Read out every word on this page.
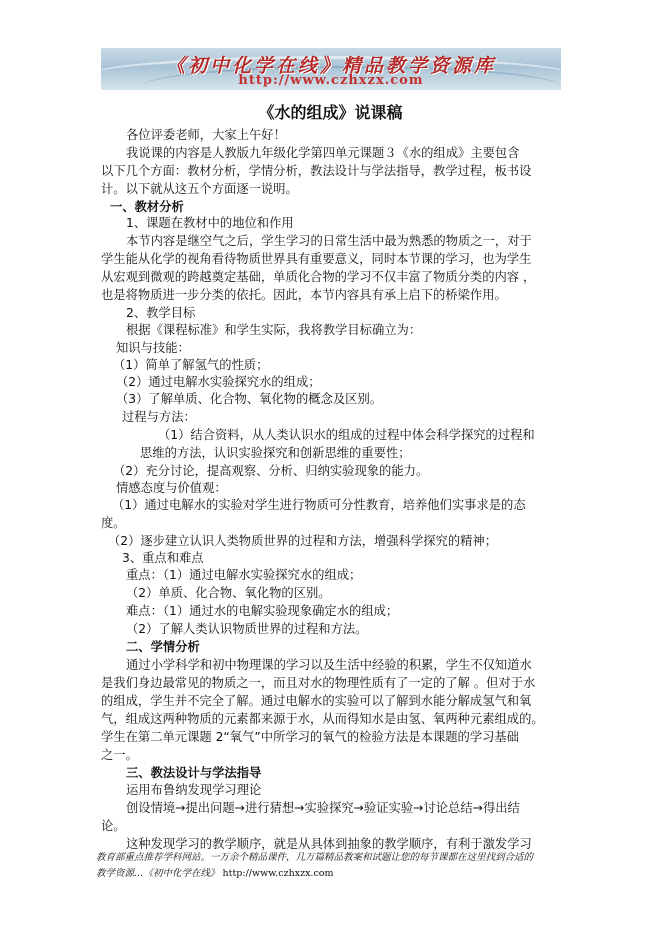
《初中化学在线》精品教学资源库
http://www.czhxzx.com
《水的组成》说课稿
各位评委老师，大家上午好！
我说课的内容是人教版九年级化学第四单元课题３《水的组成》主要包含
以下几个方面：教材分析，学情分析，教法设计与学法指导，教学过程，板书设
计。以下就从这五个方面逐一说明。
一、教材分析
1、课题在教材中的地位和作用
本节内容是继空气之后，学生学习的日常生活中最为熟悉的物质之一，对于
学生能从化学的视角看待物质世界具有重要意义，同时本节课的学习，也为学生
从宏观到微观的跨越奠定基础，单质化合物的学习不仅丰富了物质分类的内容 ，
也是将物质进一步分类的依托。因此，本节内容具有承上启下的桥梁作用。
2、教学目标
根据《课程标准》和学生实际，我将教学目标确立为：
知识与技能：
（1）简单了解氢气的性质；
（2）通过电解水实验探究水的组成；
（3）了解单质、化合物、氧化物的概念及区别。
过程与方法：
（1）结合资料，从人类认识水的组成的过程中体会科学探究的过程和
思维的方法，认识实验探究和创新思维的重要性；
（2）充分讨论，提高观察、分析、归纳实验现象的能力。
情感态度与价值观：
（1）通过电解水的实验对学生进行物质可分性教育，培养他们实事求是的态
度。
（2）逐步建立认识人类物质世界的过程和方法，增强科学探究的精神；
3、重点和难点
重点：（1）通过电解水实验探究水的组成；
（2）单质、化合物、氧化物的区别。
难点：（1）通过水的电解实验现象确定水的组成；
（2）了解人类认识物质世界的过程和方法。
二、学情分析
通过小学科学和初中物理课的学习以及生活中经验的积累，学生不仅知道水
是我们身边最常见的物质之一，而且对水的物理性质有了一定的了解 。但对于水
的组成，学生并不完全了解。通过电解水的实验可以了解到水能分解成氢气和氧
气，组成这两种物质的元素都来源于水，从而得知水是由氢、氧两种元素组成的。
学生在第二单元课题 2“氧气”中所学习的氧气的检验方法是本课题的学习基础
之一。
三、教法设计与学法指导
运用布鲁纳发现学习理论
创设情境→提出问题→进行猜想→实验探究→验证实验→讨论总结→得出结
论。
这种发现学习的教学顺序，就是从具体到抽象的教学顺序，有利于激发学习
教育部重点推荐学科网站。一万余个精品课件，几万篇精品教案和试题让您的每节课都在这里找到合适的
教学资源…《初中化学在线》 http://www.czhxzx.com
